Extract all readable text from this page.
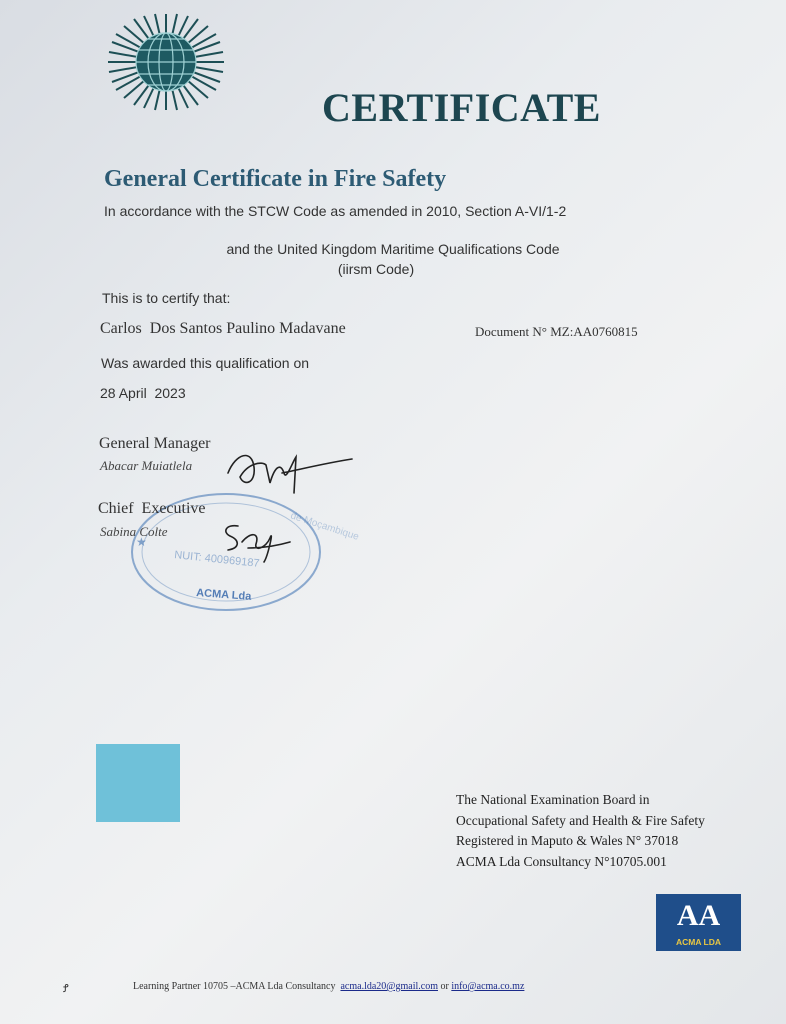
CERTIFICATE
General Certificate in Fire Safety
In accordance with the STCW Code as amended in 2010, Section A-VI/1-2
and the United Kingdom Maritime Qualifications Code
(iirsm Code)
This is to certify that:
Carlos  Dos Santos Paulino Madavane	Document N° MZ:AA0760815
Was awarded this qualification on
28 April  2023
de Moçambique
NUIT: 400969187
ACMA Lda
★
General Manager
Abacar Muiatlela
Chief  Executive
Sabina Colte
The National Examination Board in
Occupational Safety and Health & Fire Safety
Registered in Maputo & Wales N° 37018
ACMA Lda Consultancy N°10705.001
AA
ACMA LDA
Ꝭ	Learning Partner 10705 –ACMA Lda Consultancy acma.lda20@gmail.com or info@acma.co.mz
